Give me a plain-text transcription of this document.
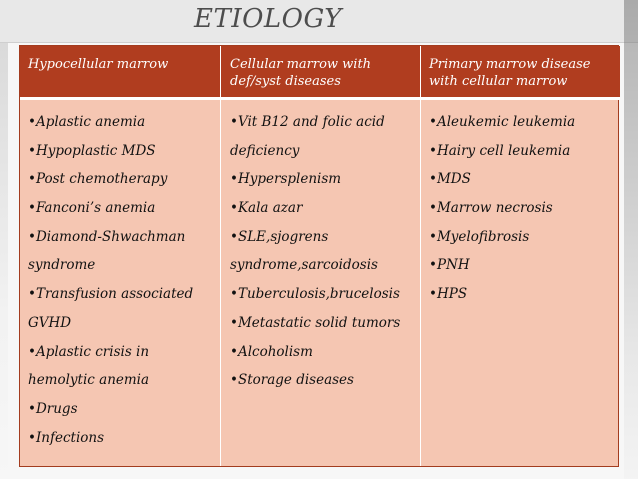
ETIOLOGY
Hypocellular marrow	Cellular marrow with
def/syst diseases
Primary marrow disease
with cellular marrow
•Aplastic anemia
•Hypoplastic MDS
•Post chemotherapy
•Fanconi’s anemia
•Diamond-Shwachman
syndrome
•Transfusion associated
GVHD
•Aplastic crisis in
hemolytic anemia
•Drugs
•Infections
•Vit B12 and folic acid
deficiency
•Hypersplenism
•Kala azar
•SLE,sjogrens
syndrome,sarcoidosis
•Tuberculosis,brucelosis
•Metastatic solid tumors
•Alcoholism
•Storage diseases
•Aleukemic leukemia
•Hairy cell leukemia
•MDS
•Marrow necrosis
•Myelofibrosis
•PNH
•HPS
